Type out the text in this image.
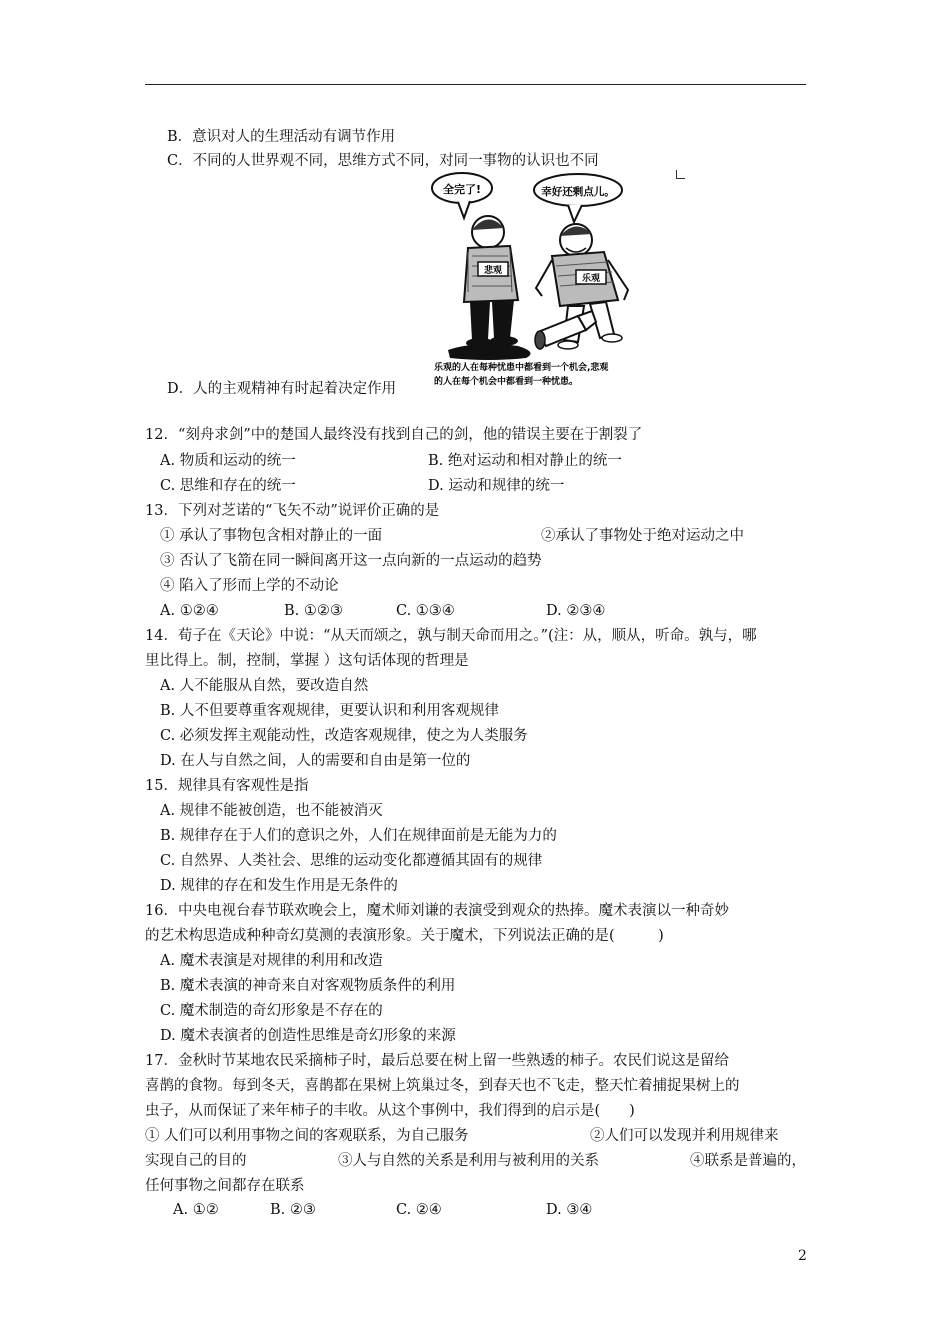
B．意识对人的生理活动有调节作用
C．不同的人世界观不同，思维方式不同，对同一事物的认识也不同
D．人的主观精神有时起着决定作用
12．“刻舟求剑”中的楚国人最终没有找到自己的剑，他的错误主要在于割裂了
A. 物质和运动的统一	B. 绝对运动和相对静止的统一
C. 思维和存在的统一	D. 运动和规律的统一
13．下列对芝诺的“飞矢不动”说评价正确的是
① 承认了事物包含相对静止的一面	②承认了事物处于绝对运动之中
③ 否认了飞箭在同一瞬间离开这一点向新的一点运动的趋势
④ 陷入了形而上学的不动论
A. ①②④	B. ①②③	C. ①③④	D. ②③④
14．荀子在《天论》中说：“从天而颂之，孰与制天命而用之。”(注：从，顺从，听命。孰与，哪
里比得上。制，控制，掌握 ）这句话体现的哲理是
A. 人不能服从自然，要改造自然
B. 人不但要尊重客观规律，更要认识和利用客观规律
C. 必须发挥主观能动性，改造客观规律，使之为人类服务
D. 在人与自然之间，人的需要和自由是第一位的
15．规律具有客观性是指
A. 规律不能被创造，也不能被消灭
B. 规律存在于人们的意识之外，人们在规律面前是无能为力的
C. 自然界、人类社会、思维的运动变化都遵循其固有的规律
D. 规律的存在和发生作用是无条件的
16．中央电视台春节联欢晚会上，魔术师刘谦的表演受到观众的热捧。魔术表演以一种奇妙
的艺术构思造成种种奇幻莫测的表演形象。关于魔术，下列说法正确的是(　　　)
A. 魔术表演是对规律的利用和改造
B. 魔术表演的神奇来自对客观物质条件的利用
C. 魔术制造的奇幻形象是不存在的
D. 魔术表演者的创造性思维是奇幻形象的来源
17．金秋时节某地农民采摘柿子时，最后总要在树上留一些熟透的柿子。农民们说这是留给
喜鹊的食物。每到冬天，喜鹊都在果树上筑巢过冬，到春天也不飞走，整天忙着捕捉果树上的
虫子，从而保证了来年柿子的丰收。从这个事例中，我们得到的启示是(　　)
① 人们可以利用事物之间的客观联系，为自己服务	②人们可以发现并利用规律来
实现自己的目的	③人与自然的关系是利用与被利用的关系	④联系是普遍的，
任何事物之间都存在联系
A. ①②	B. ②③	C. ②④	D. ③④
全完了!	幸好还剩点儿。
悲观
乐观
乐观的人在每种忧患中都看到一个机会,悲观
的人在每个机会中都看到一种忧患。
2
